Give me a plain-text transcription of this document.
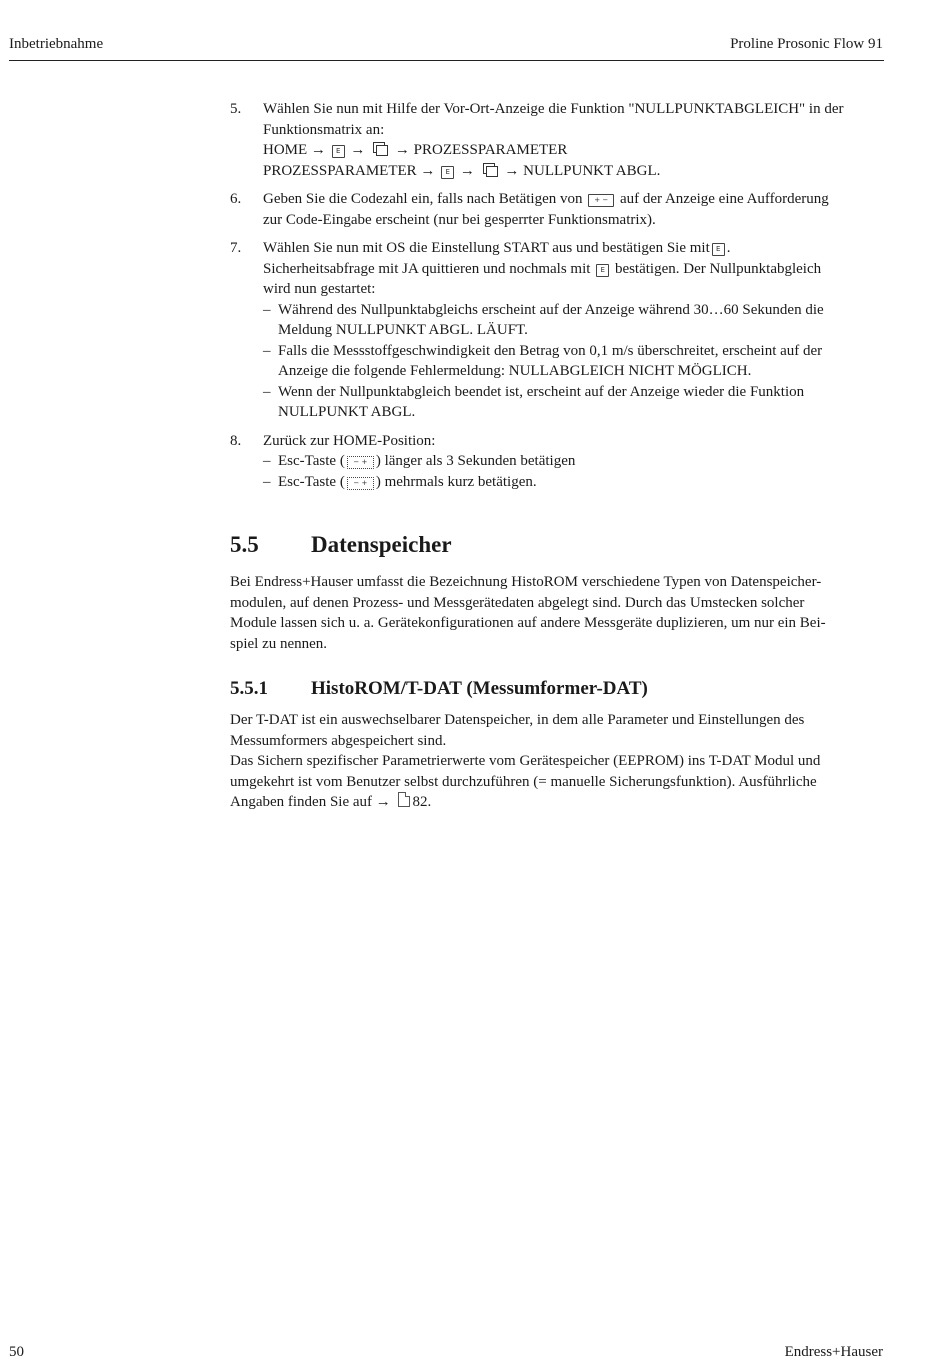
Inbetriebnahme	Proline Prosonic Flow 91
5. Wählen Sie nun mit Hilfe der Vor-Ort-Anzeige die Funktion "NULLPUNKTABGLEICH" in der
Funktionsmatrix an:
HOME → E → → PROZESSPARAMETER
PROZESSPARAMETER → E → → NULLPUNKT ABGL.
6. Geben Sie die Codezahl ein, falls nach Betätigen von + − auf der Anzeige eine Aufforderung
zur Code-Eingabe erscheint (nur bei gesperrter Funktionsmatrix).
7. Wählen Sie nun mit OS die Einstellung START aus und bestätigen Sie mit E .
Sicherheitsabfrage mit JA quittieren und nochmals mit E bestätigen. Der Nullpunktabgleich
wird nun gestartet:
– Während des Nullpunktabgleichs erscheint auf der Anzeige während 30…60 Sekunden die
Meldung NULLPUNKT ABGL. LÄUFT.
– Falls die Messstoffgeschwindigkeit den Betrag von 0,1 m/s überschreitet, erscheint auf der
Anzeige die folgende Fehlermeldung: NULLABGLEICH NICHT MÖGLICH.
– Wenn der Nullpunktabgleich beendet ist, erscheint auf der Anzeige wieder die Funktion
NULLPUNKT ABGL.
8. Zurück zur HOME-Position:
– Esc-Taste ( − + ) länger als 3 Sekunden betätigen
– Esc-Taste ( − + ) mehrmals kurz betätigen.
5.5 Datenspeicher

Bei Endress+Hauser umfasst die Bezeichnung HistoROM verschiedene Typen von Datenspeicher-
modulen, auf denen Prozess- und Messgerätedaten abgelegt sind. Durch das Umstecken solcher
Module lassen sich u. a. Gerätekonfigurationen auf andere Messgeräte duplizieren, um nur ein Bei-
spiel zu nennen.

5.5.1 HistoROM/T-DAT (Messumformer-DAT)

Der T-DAT ist ein auswechselbarer Datenspeicher, in dem alle Parameter und Einstellungen des
Messumformers abgespeichert sind.
Das Sichern spezifischer Parametrierwerte vom Gerätespeicher (EEPROM) ins T-DAT Modul und
umgekehrt ist vom Benutzer selbst durchzuführen (= manuelle Sicherungsfunktion). Ausführliche
Angaben finden Sie auf → 82.

50	Endress+Hauser
